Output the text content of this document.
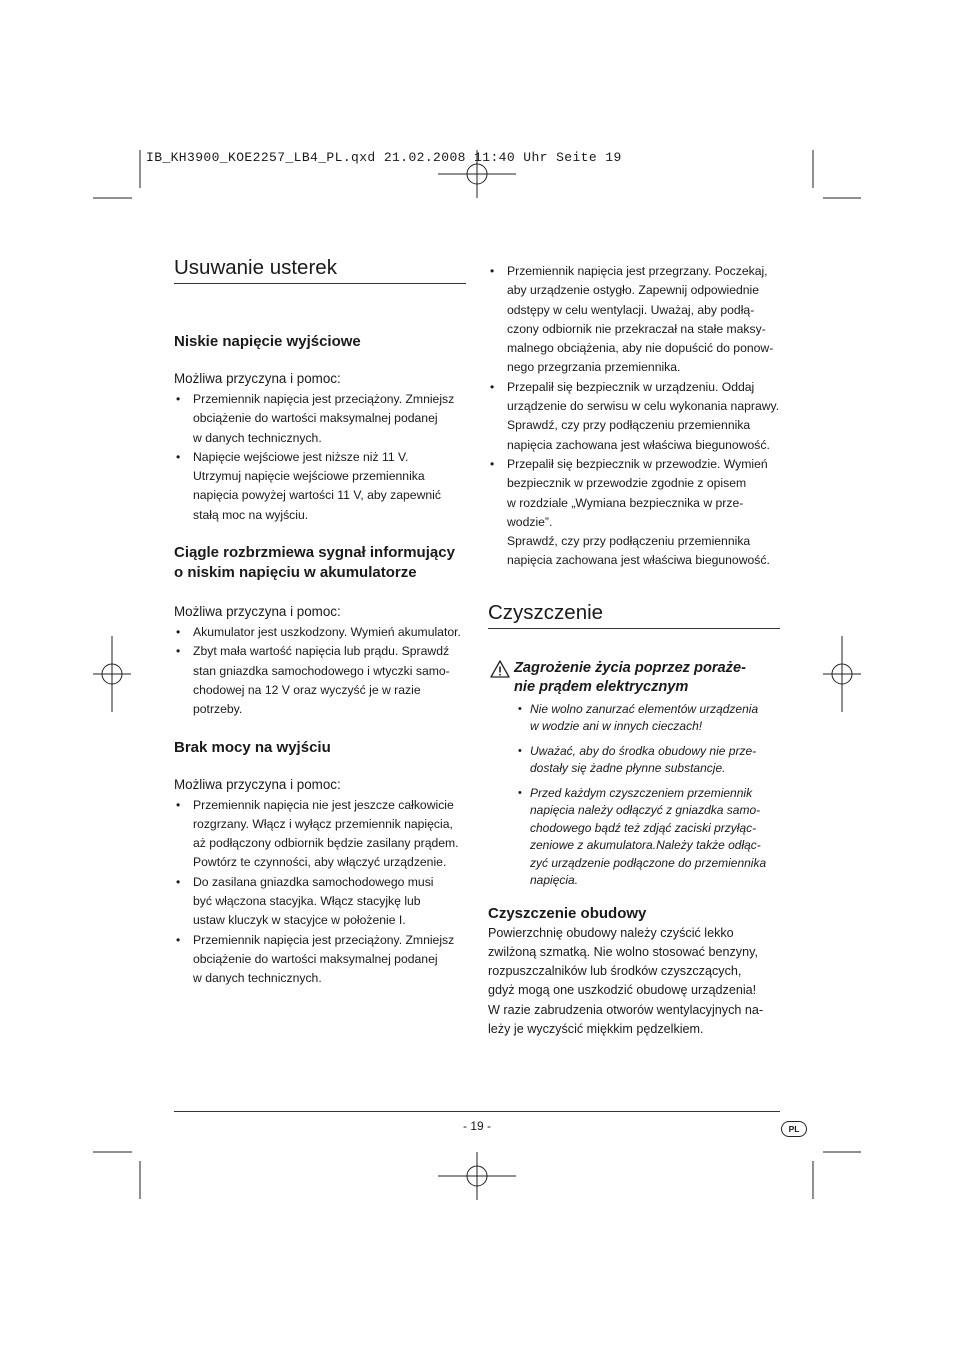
IB_KH3900_KOE2257_LB4_PL.qxd 21.02.2008 11:40 Uhr Seite 19
Usuwanie usterek
Niskie napięcie wyjściowe

Możliwa przyczyna i pomoc:

• Przemiennik napięcia jest przeciążony. Zmniejsz
obciążenie do wartości maksymalnej podanej
w danych technicznych.
• Napięcie wejściowe jest niższe niż 11 V.
Utrzymuj napięcie wejściowe przemiennika
napięcia powyżej wartości 11 V, aby zapewnić
stałą moc na wyjściu.
Ciągle rozbrzmiewa sygnał informujący
o niskim napięciu w akumulatorze

Możliwa przyczyna i pomoc:

• Akumulator jest uszkodzony. Wymień akumulator.
• Zbyt mała wartość napięcia lub prądu. Sprawdź
stan gniazdka samochodowego i wtyczki samo-
chodowej na 12 V oraz wyczyść je w razie
potrzeby.
Brak mocy na wyjściu

Możliwa przyczyna i pomoc:

• Przemiennik napięcia nie jest jeszcze całkowicie
rozgrzany. Włącz i wyłącz przemiennik napięcia,
aż podłączony odbiornik będzie zasilany prądem.
Powtórz te czynności, aby włączyć urządzenie.
• Do zasilana gniazdka samochodowego musi
być włączona stacyjka. Włącz stacyjkę lub
ustaw kluczyk w stacyjce w położenie I.
• Przemiennik napięcia jest przeciążony. Zmniejsz
obciążenie do wartości maksymalnej podanej
w danych technicznych.
• Przemiennik napięcia jest przegrzany. Poczekaj,
aby urządzenie ostygło. Zapewnij odpowiednie
odstępy w celu wentylacji. Uważaj, aby podłą-
czony odbiornik nie przekraczał na stałe maksy-
malnego obciążenia, aby nie dopuścić do ponow-
nego przegrzania przemiennika.
• Przepalił się bezpiecznik w urządzeniu. Oddaj
urządzenie do serwisu w celu wykonania naprawy.
Sprawdź, czy przy podłączeniu przemiennika
napięcia zachowana jest właściwa biegunowość.
• Przepalił się bezpiecznik w przewodzie. Wymień
bezpiecznik w przewodzie zgodnie z opisem
w rozdziale „Wymiana bezpiecznika w prze-
wodzie”.

Sprawdź, czy przy podłączeniu przemiennika
napięcia zachowana jest właściwa biegunowość.

Czyszczenie

Zagrożenie życia poprzez poraże-
nie prądem elektrycznym

• Nie wolno zanurzać elementów urządzenia
w wodzie ani w innych cieczach!
• Uważać, aby do środka obudowy nie prze-
dostały się żadne płynne substancje.
• Przed każdym czyszczeniem przemiennik
napięcia należy odłączyć z gniazdka samo-
chodowego bądź też zdjąć zaciski przyłąc-
zeniowe z akumulatora.Należy także odłąc-
zyć urządzenie podłączone do przemiennika
napięcia.
Czyszczenie obudowy

Powierzchnię obudowy należy czyścić lekko
zwilżoną szmatką. Nie wolno stosować benzyny,
rozpuszczalników lub środków czyszczących,
gdyż mogą one uszkodzić obudowę urządzenia!
W razie zabrudzenia otworów wentylacyjnych na-
leży je wyczyścić miękkim pędzelkiem.

- 19 -	PL
